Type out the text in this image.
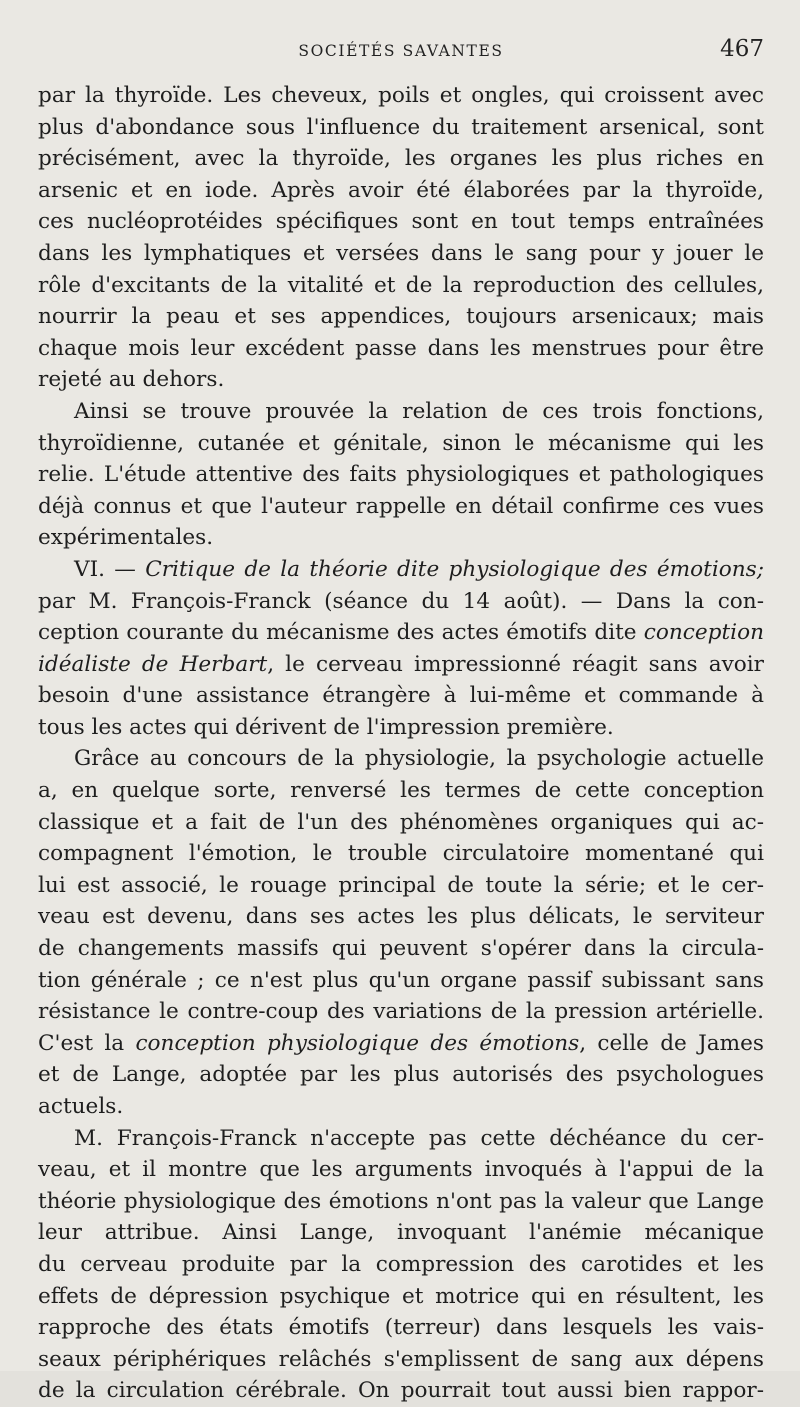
SOCIÉTÉS SAVANTES	467

par la thyroïde. Les cheveux, poils et ongles, qui croissent avec

plus d'abondance sous l'influence du traitement arsenical, sont

précisément, avec la thyroïde, les organes les plus riches en

arsenic et en iode. Après avoir été élaborées par la thyroïde,

ces nucléoprotéides spécifiques sont en tout temps entraînées

dans les lymphatiques et versées dans le sang pour y jouer le

rôle d'excitants de la vitalité et de la reproduction des cellules,

nourrir la peau et ses appendices, toujours arsenicaux; mais

chaque mois leur excédent passe dans les menstrues pour être

rejeté au dehors.

Ainsi se trouve prouvée la relation de ces trois fonctions,

thyroïdienne, cutanée et génitale, sinon le mécanisme qui les

relie. L'étude attentive des faits physiologiques et pathologiques

déjà connus et que l'auteur rappelle en détail confirme ces vues

expérimentales.

VI. — Critique de la théorie dite physiologique des émotions;

par M. François-Franck (séance du 14 août). — Dans la con-

ception courante du mécanisme des actes émotifs dite conception

idéaliste de Herbart, le cerveau impressionné réagit sans avoir

besoin d'une assistance étrangère à lui-même et commande à

tous les actes qui dérivent de l'impression première.

Grâce au concours de la physiologie, la psychologie actuelle

a, en quelque sorte, renversé les termes de cette conception

classique et a fait de l'un des phénomènes organiques qui ac-

compagnent l'émotion, le trouble circulatoire momentané qui

lui est associé, le rouage principal de toute la série; et le cer-

veau est devenu, dans ses actes les plus délicats, le serviteur

de changements massifs qui peuvent s'opérer dans la circula-

tion générale ; ce n'est plus qu'un organe passif subissant sans

résistance le contre-coup des variations de la pression artérielle.

C'est la conception physiologique des émotions, celle de James

et de Lange, adoptée par les plus autorisés des psychologues

actuels.

M. François-Franck n'accepte pas cette déchéance du cer-

veau, et il montre que les arguments invoqués à l'appui de la

théorie physiologique des émotions n'ont pas la valeur que Lange

leur attribue. Ainsi Lange, invoquant l'anémie mécanique

du cerveau produite par la compression des carotides et les

effets de dépression psychique et motrice qui en résultent, les

rapproche des états émotifs (terreur) dans lesquels les vais-

seaux périphériques relâchés s'emplissent de sang aux dépens

de la circulation cérébrale. On pourrait tout aussi bien rappor-
